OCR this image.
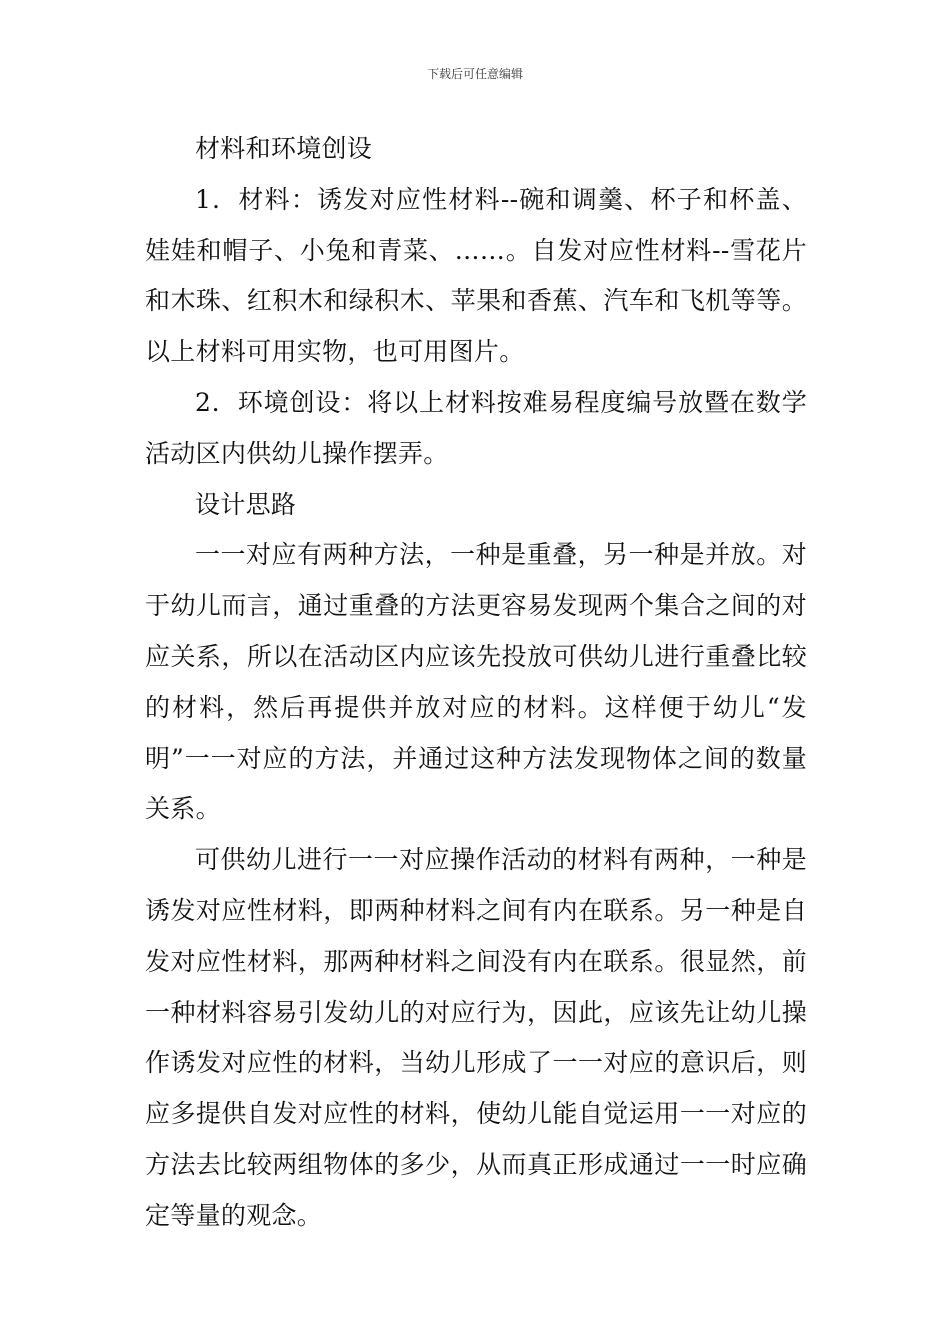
下载后可任意编辑

材料和环境创设

1．材料：诱发对应性材料--碗和调羹、杯子和杯盖、娃娃和帽子、小兔和青菜、……。自发对应性材料--雪花片和木珠、红积木和绿积木、苹果和香蕉、汽车和飞机等等。以上材料可用实物，也可用图片。

2．环境创设：将以上材料按难易程度编号放暨在数学活动区内供幼儿操作摆弄。

设计思路

一一对应有两种方法，一种是重叠，另一种是并放。对于幼儿而言，通过重叠的方法更容易发现两个集合之间的对应关系，所以在活动区内应该先投放可供幼儿进行重叠比较的材料，然后再提供并放对应的材料。这样便于幼儿“发明”一一对应的方法，并通过这种方法发现物体之间的数量关系。

可供幼儿进行一一对应操作活动的材料有两种，一种是诱发对应性材料，即两种材料之间有内在联系。另一种是自发对应性材料，那两种材料之间没有内在联系。很显然，前一种材料容易引发幼儿的对应行为，因此，应该先让幼儿操作诱发对应性的材料，当幼儿形成了一一对应的意识后，则应多提供自发对应性的材料，使幼儿能自觉运用一一对应的方法去比较两组物体的多少，从而真正形成通过一一时应确定等量的观念。
